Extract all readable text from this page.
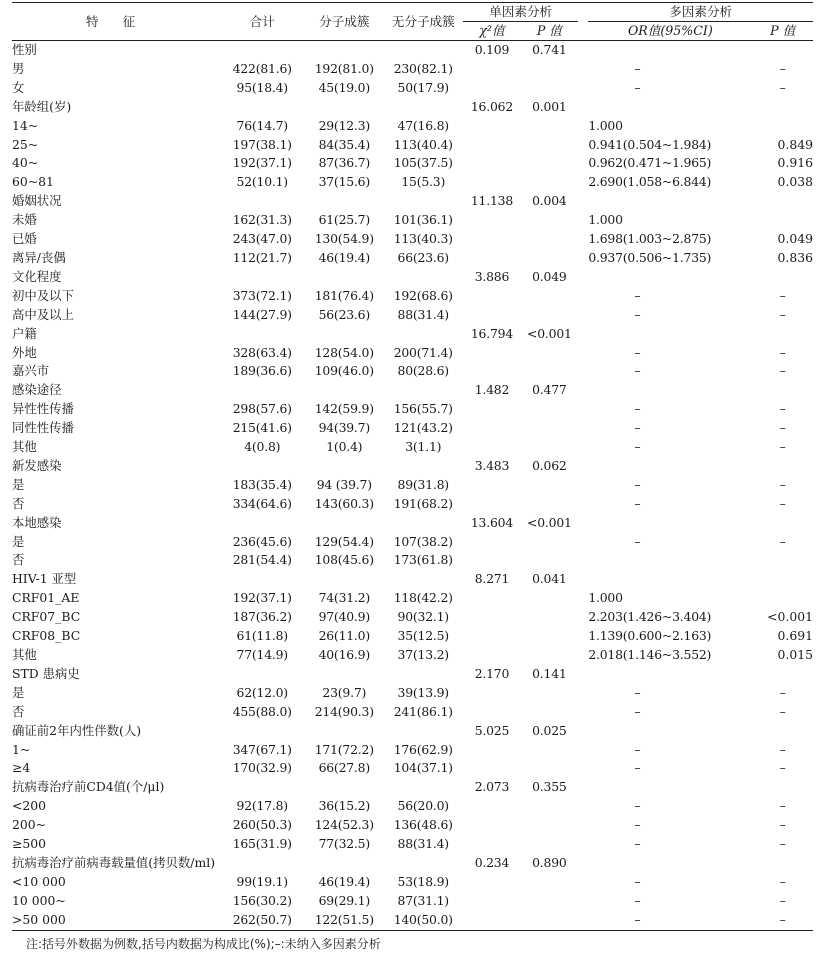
特 征	合计	分子成簇	无分子成簇	单因素分析			多因素分析	
				χ²值	P 值		OR值(95%CI)	P 值
性别				0.109	0.741			
男	422(81.6)	192(81.0)	230(82.1)				–	–
女	95(18.4)	45(19.0)	50(17.9)				–	–
年龄组(岁)				16.062	0.001			
14~	76(14.7)	29(12.3)	47(16.8)				1.000	
25~	197(38.1)	84(35.4)	113(40.4)				0.941(0.504~1.984)	0.849
40~	192(37.1)	87(36.7)	105(37.5)				0.962(0.471~1.965)	0.916
60~81	52(10.1)	37(15.6)	15(5.3)				2.690(1.058~6.844)	0.038
婚姻状况				11.138	0.004			
未婚	162(31.3)	61(25.7)	101(36.1)				1.000	
已婚	243(47.0)	130(54.9)	113(40.3)				1.698(1.003~2.875)	0.049
离异/丧偶	112(21.7)	46(19.4)	66(23.6)				0.937(0.506~1.735)	0.836
文化程度				3.886	0.049			
初中及以下	373(72.1)	181(76.4)	192(68.6)				–	–
高中及以上	144(27.9)	56(23.6)	88(31.4)				–	–
户籍				16.794	<0.001			
外地	328(63.4)	128(54.0)	200(71.4)				–	–
嘉兴市	189(36.6)	109(46.0)	80(28.6)				–	–
感染途径				1.482	0.477			
异性性传播	298(57.6)	142(59.9)	156(55.7)				–	–
同性性传播	215(41.6)	94(39.7)	121(43.2)				–	–
其他	4(0.8)	1(0.4)	3(1.1)				–	–
新发感染				3.483	0.062			
是	183(35.4)	94 (39.7)	89(31.8)				–	–
否	334(64.6)	143(60.3)	191(68.2)				–	–
本地感染				13.604	<0.001			
是	236(45.6)	129(54.4)	107(38.2)				–	–
否	281(54.4)	108(45.6)	173(61.8)					
HIV-1 亚型				8.271	0.041			
CRF01_AE	192(37.1)	74(31.2)	118(42.2)				1.000	
CRF07_BC	187(36.2)	97(40.9)	90(32.1)				2.203(1.426~3.404)	<0.001
CRF08_BC	61(11.8)	26(11.0)	35(12.5)				1.139(0.600~2.163)	0.691
其他	77(14.9)	40(16.9)	37(13.2)				2.018(1.146~3.552)	0.015
STD 患病史				2.170	0.141			
是	62(12.0)	23(9.7)	39(13.9)				–	–
否	455(88.0)	214(90.3)	241(86.1)				–	–
确证前2年内性伴数(人)				5.025	0.025			
1~	347(67.1)	171(72.2)	176(62.9)				–	–
≥4	170(32.9)	66(27.8)	104(37.1)				–	–
抗病毒治疗前CD4值(个/μl)				2.073	0.355			
<200	92(17.8)	36(15.2)	56(20.0)				–	–
200~	260(50.3)	124(52.3)	136(48.6)				–	–
≥500	165(31.9)	77(32.5)	88(31.4)				–	–
抗病毒治疗前病毒载量值(拷贝数/ml)				0.234	0.890			
<10 000	99(19.1)	46(19.4)	53(18.9)				–	–
10 000~	156(30.2)	69(29.1)	87(31.1)				–	–
>50 000	262(50.7)	122(51.5)	140(50.0)				–	–
注:括号外数据为例数,括号内数据为构成比(%);–:未纳入多因素分析
